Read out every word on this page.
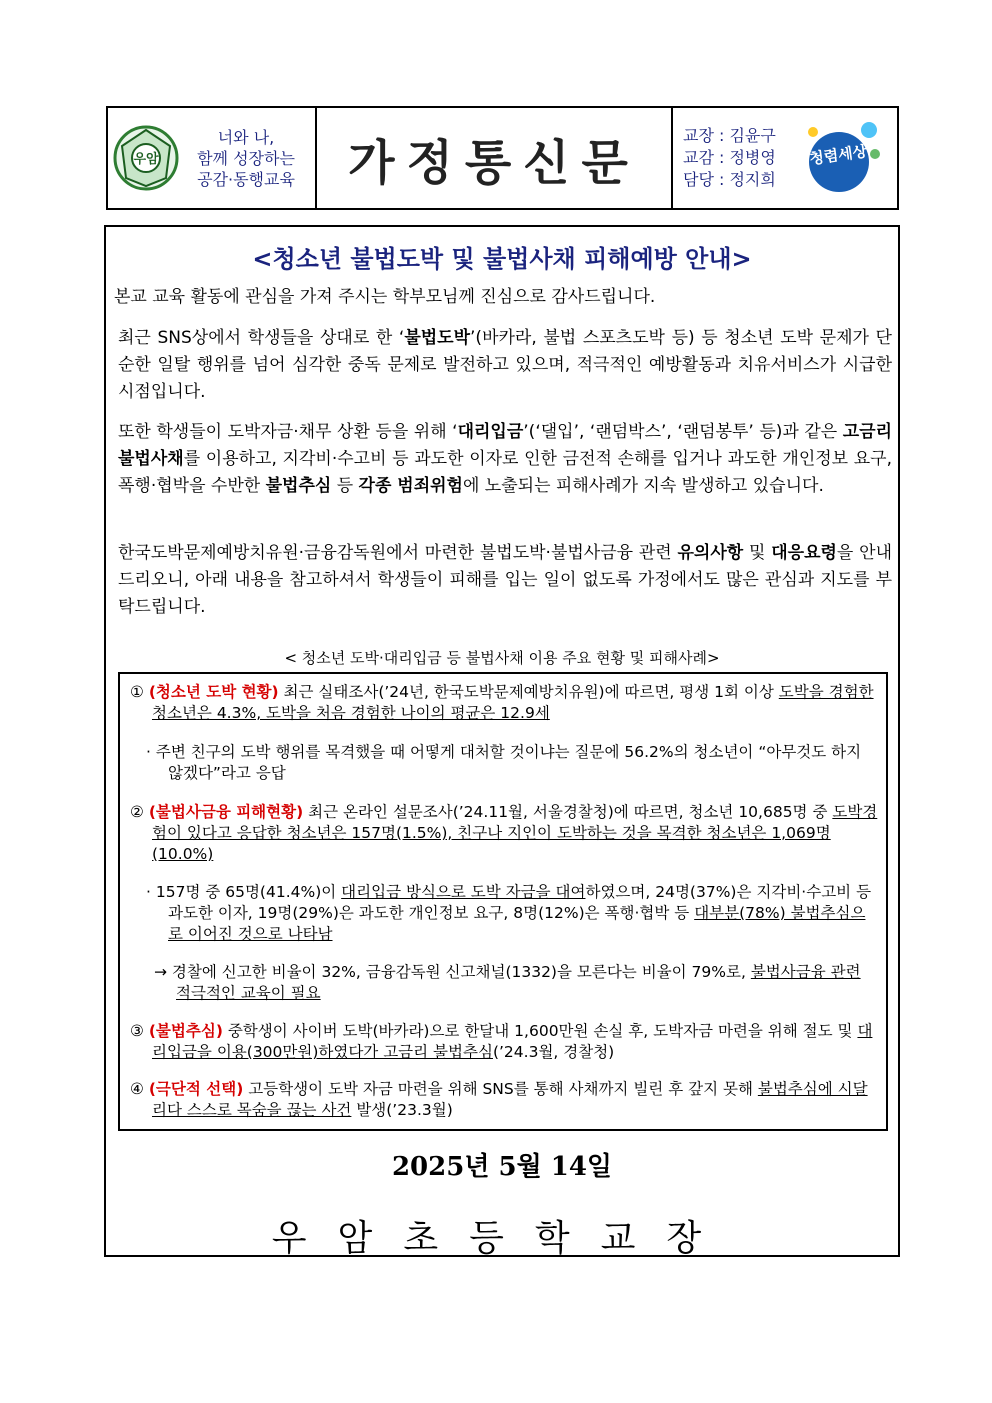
우암
너와 나,
함께 성장하는
공감·동행교육	가정통신문	교장 : 김윤구
교감 : 정병영
담당 : 정지희
청렴세상
<청소년 불법도박 및 불법사채 피해예방 안내>
본교 교육 활동에 관심을 가져 주시는 학부모님께 진심으로 감사드립니다.
최근 SNS상에서 학생들을 상대로 한 ‘불법도박’(바카라, 불법 스포츠도박 등) 등 청소년 도박 문제가 단순한 일탈 행위를 넘어 심각한 중독 문제로 발전하고 있으며, 적극적인 예방활동과 치유서비스가 시급한 시점입니다.
또한 학생들이 도박자금·채무 상환 등을 위해 ‘대리입금’(‘댈입’, ‘랜덤박스’, ‘랜덤봉투’ 등)과 같은 고금리 불법사채를 이용하고, 지각비·수고비 등 과도한 이자로 인한 금전적 손해를 입거나 과도한 개인정보 요구, 폭행·협박을 수반한 불법추심 등 각종 범죄위험에 노출되는 피해사례가 지속 발생하고 있습니다.
한국도박문제예방치유원·금융감독원에서 마련한 불법도박·불법사금융 관련 유의사항 및 대응요령을 안내드리오니, 아래 내용을 참고하셔서 학생들이 피해를 입는 일이 없도록 가정에서도 많은 관심과 지도를 부탁드립니다.
< 청소년 도박·대리입금 등 불법사채 이용 주요 현황 및 피해사례>
① (청소년 도박 현황) 최근 실태조사(’24년, 한국도박문제예방치유원)에 따르면, 평생 1회 이상 도박을 경험한 청소년은 4.3%, 도박을 처음 경험한 나이의 평균은 12.9세
· 주변 친구의 도박 행위를 목격했을 때 어떻게 대처할 것이냐는 질문에 56.2%의 청소년이 “아무것도 하지 않겠다”라고 응답
② (불법사금융 피해현황) 최근 온라인 설문조사(’24.11월, 서울경찰청)에 따르면, 청소년 10,685명 중 도박경험이 있다고 응답한 청소년은 157명(1.5%), 친구나 지인이 도박하는 것을 목격한 청소년은 1,069명(10.0%)
· 157명 중 65명(41.4%)이 대리입금 방식으로 도박 자금을 대여하였으며, 24명(37%)은 지각비·수고비 등 과도한 이자, 19명(29%)은 과도한 개인정보 요구, 8명(12%)은 폭행·협박 등 대부분(78%) 불법추심으로 이어진 것으로 나타남
→ 경찰에 신고한 비율이 32%, 금융감독원 신고채널(1332)을 모른다는 비율이 79%로, 불법사금융 관련 적극적인 교육이 필요
③ (불법추심) 중학생이 사이버 도박(바카라)으로 한달내 1,600만원 손실 후, 도박자금 마련을 위해 절도 및 대리입금을 이용(300만원)하였다가 고금리 불법추심(’24.3월, 경찰청)
④ (극단적 선택) 고등학생이 도박 자금 마련을 위해 SNS를 통해 사채까지 빌린 후 갚지 못해 불법추심에 시달리다 스스로 목숨을 끊는 사건 발생(’23.3월)
2025년 5월 14일
우암초등학교장
